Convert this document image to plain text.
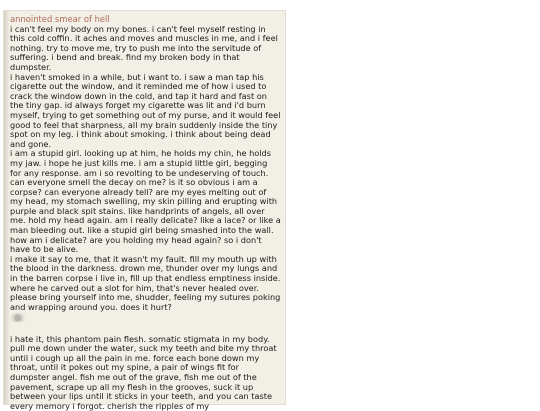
annointed smear of hell

i can't feel my body on my bones. i can't feel myself resting in this cold coffin. it aches and moves and muscles in me, and i feel nothing. try to move me, try to push me into the servitude of suffering. i bend and break. find my broken body in that dumpster.

i haven't smoked in a while, but i want to. i saw a man tap his cigarette out the window, and it reminded me of how i used to crack the window down in the cold, and tap it hard and fast on the tiny gap. id always forget my cigarette was lit and i'd burn myself, trying to get something out of my purse, and it would feel good to feel that sharpness, all my brain suddenly inside the tiny spot on my leg. i think about smoking. i think about being dead and gone.

i am a stupid girl. looking up at him, he holds my chin, he holds my jaw. i hope he just kills me. i am a stupid little girl, begging for any response. am i so revolting to be undeserving of touch. can everyone smell the decay on me? is it so obvious i am a corpse? can everyone already tell? are my eyes melting out of my head, my stomach swelling, my skin pilling and erupting with purple and black spit stains. like handprints of angels, all over me. hold my head again. am i really delicate? like a lace? or like a man bleeding out. like a stupid girl being smashed into the wall. how am i delicate? are you holding my head again? so i don't have to be alive.

i make it say to me, that it wasn't my fault. fill my mouth up with the blood in the darkness. drown me, thunder over my lungs and in the barren corpse i live in, fill up that endless emptiness inside. where he carved out a slot for him, that's never healed over. please bring yourself into me, shudder, feeling my sutures poking and wrapping around you. does it hurt?

i hate it, this phantom pain flesh. somatic stigmata in my body. pull me down under the water, suck my teeth and bite my throat until i cough up all the pain in me. force each bone down my throat, until it pokes out my spine, a pair of wings fit for dumpster angel. fish me out of the grave, fish me out of the pavement, scrape up all my flesh in the grooves, suck it up between your lips until it sticks in your teeth, and you can taste every memory i forgot. cherish the ripples of my
